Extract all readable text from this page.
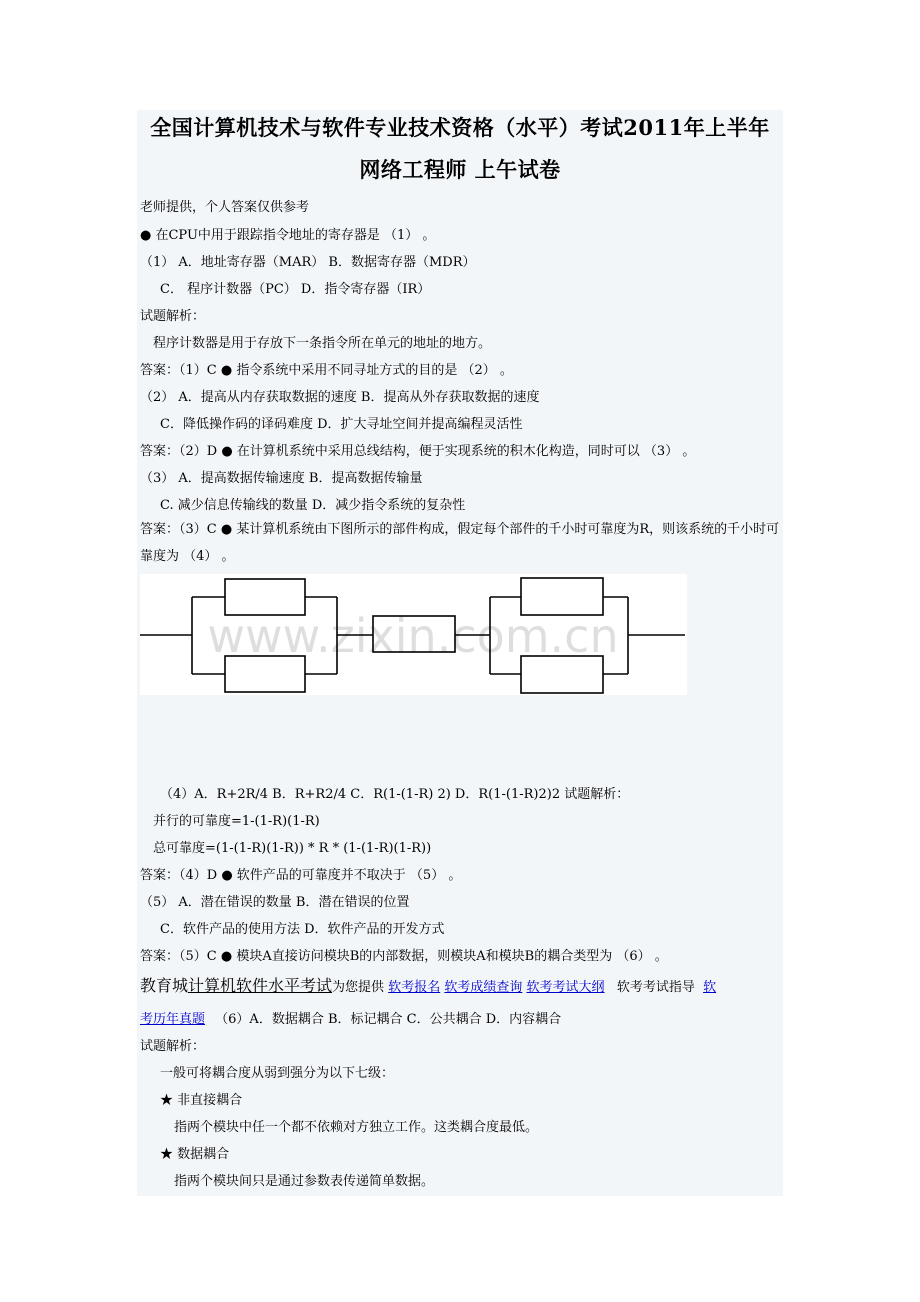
全国计算机技术与软件专业技术资格（水平）考试2011年上半年
网络工程师 上午试卷
老师提供，个人答案仅供参考
● 在CPU中用于跟踪指令地址的寄存器是 （1） 。
（1） A．地址寄存器（MAR） B．数据寄存器（MDR）
C． 程序计数器（PC） D．指令寄存器（IR）
试题解析：
程序计数器是用于存放下一条指令所在单元的地址的地方。
答案：（1）C ● 指令系统中采用不同寻址方式的目的是 （2） 。
（2） A．提高从内存获取数据的速度 B．提高从外存获取数据的速度
C．降低操作码的译码难度 D．扩大寻址空间并提高编程灵活性
答案：（2）D ● 在计算机系统中采用总线结构，便于实现系统的积木化构造，同时可以 （3） 。
（3） A．提高数据传输速度 B．提高数据传输量
C. 减少信息传输线的数量 D．减少指令系统的复杂性
答案：（3）C ● 某计算机系统由下图所示的部件构成，假定每个部件的千小时可靠度为R，则该系统的千小时可靠度为 （4） 。
www.zixin.com.cn
（4）A．R+2R/4 B．R+R2/4 C．R(1-(1-R) 2) D．R(1-(1-R)2)2 试题解析：
并行的可靠度=1-(1-R)(1-R)
总可靠度=(1-(1-R)(1-R)) * R * (1-(1-R)(1-R))
答案：（4）D ● 软件产品的可靠度并不取决于 （5） 。
（5） A．潜在错误的数量 B．潜在错误的位置
C．软件产品的使用方法 D．软件产品的开发方式
答案：（5）C ● 模块A直接访问模块B的内部数据，则模块A和模块B的耦合类型为 （6） 。
教育城计算机软件水平考试为您提供 软考报名 软考成绩查询 软考考试大纲 软考考试指导 软
考历年真题 （6）A．数据耦合 B．标记耦合 C．公共耦合 D．内容耦合
试题解析：
一般可将耦合度从弱到强分为以下七级：
★ 非直接耦合
指两个模块中任一个都不依赖对方独立工作。这类耦合度最低。
★ 数据耦合
指两个模块间只是通过参数表传递简单数据。
